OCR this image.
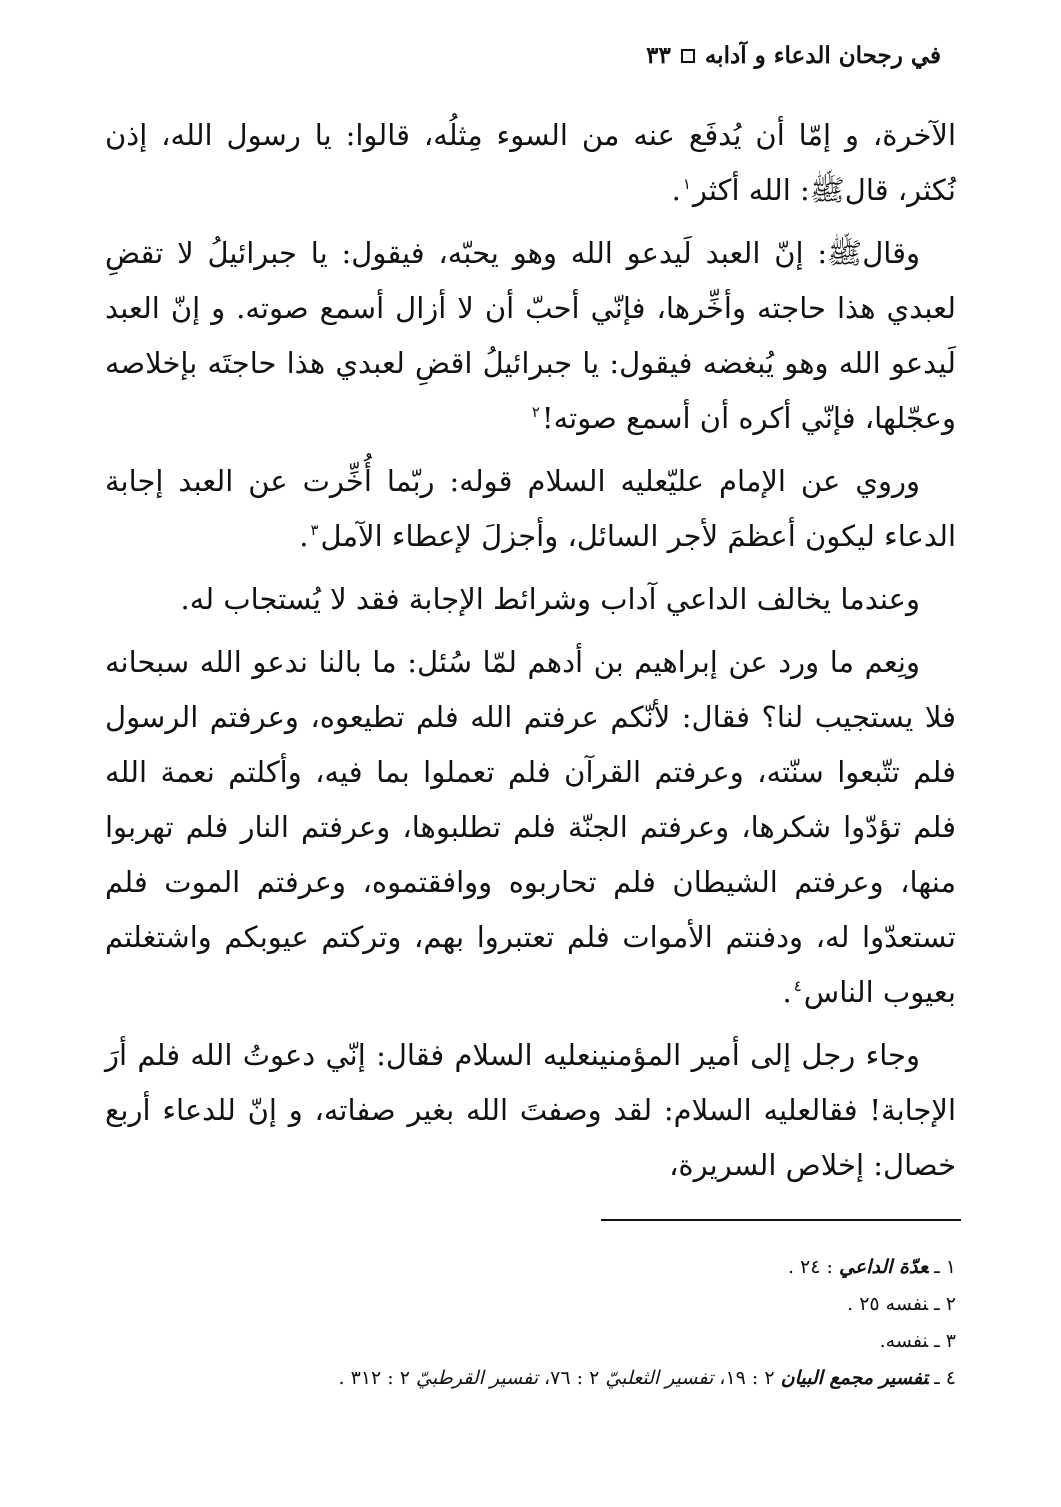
في رجحان الدعاء و آدابه
٣٣

الآخرة، و إمّا أن يُدفَع عنه من السوء مِثلُه، قالوا: يا رسول الله، إذن نُكثر، قالﷺ: الله أكثر$^١$.

وقالﷺ: إنّ العبد لَيدعو الله وهو يحبّه، فيقول: يا جبرائيلُ لا تقضِ لعبدي هذا حاجته وأخِّرها، فإنّي أحبّ أن لا أزال أسمع صوته. و إنّ العبد لَيدعو الله وهو يُبغضه فيقول: يا جبرائيلُ اقضِ لعبدي هذا حاجتَه بإخلاصه وعجّلها، فإنّي أكره أن أسمع صوته!$^٢$

وروي عن الإمام عليّعليه السلام قوله: ربّما أُخِّرت عن العبد إجابة الدعاء ليكون أعظمَ لأجر السائل، وأجزلَ لإعطاء الآمل$^٣$.

وعندما يخالف الداعي آداب وشرائط الإجابة فقد لا يُستجاب له.

ونِعم ما ورد عن إبراهيم بن أدهم لمّا سُئل: ما بالنا ندعو الله سبحانه فلا يستجيب لنا؟ فقال: لأنّكم عرفتم الله فلم تطيعوه، وعرفتم الرسول فلم تتّبعوا سنّته، وعرفتم القرآن فلم تعملوا بما فيه، وأكلتم نعمة الله فلم تؤدّوا شكرها، وعرفتم الجنّة فلم تطلبوها، وعرفتم النار فلم تهربوا منها، وعرفتم الشيطان فلم تحاربوه ووافقتموه، وعرفتم الموت فلم تستعدّوا له، ودفنتم الأموات فلم تعتبروا بهم، وتركتم عيوبكم واشتغلتم بعيوب الناس$^٤$.

وجاء رجل إلى أمير المؤمنينعليه السلام فقال: إنّي دعوتُ الله فلم أرَ الإجابة! فقالعليه السلام: لقد وصفتَ الله بغير صفاته، و إنّ للدعاء أربع خصال: إخلاص السريرة،

١ ـعدّة الداعي : ٢٤ .
٢ ـنفسه ٢٥ .
٣ ـنفسه.
٤ ـتفسير مجمع البيان ٢ : ١٩، تفسير الثعلبيّ ٢ : ٧٦، تفسير القرطبيّ ٢ : ٣١٢ .
